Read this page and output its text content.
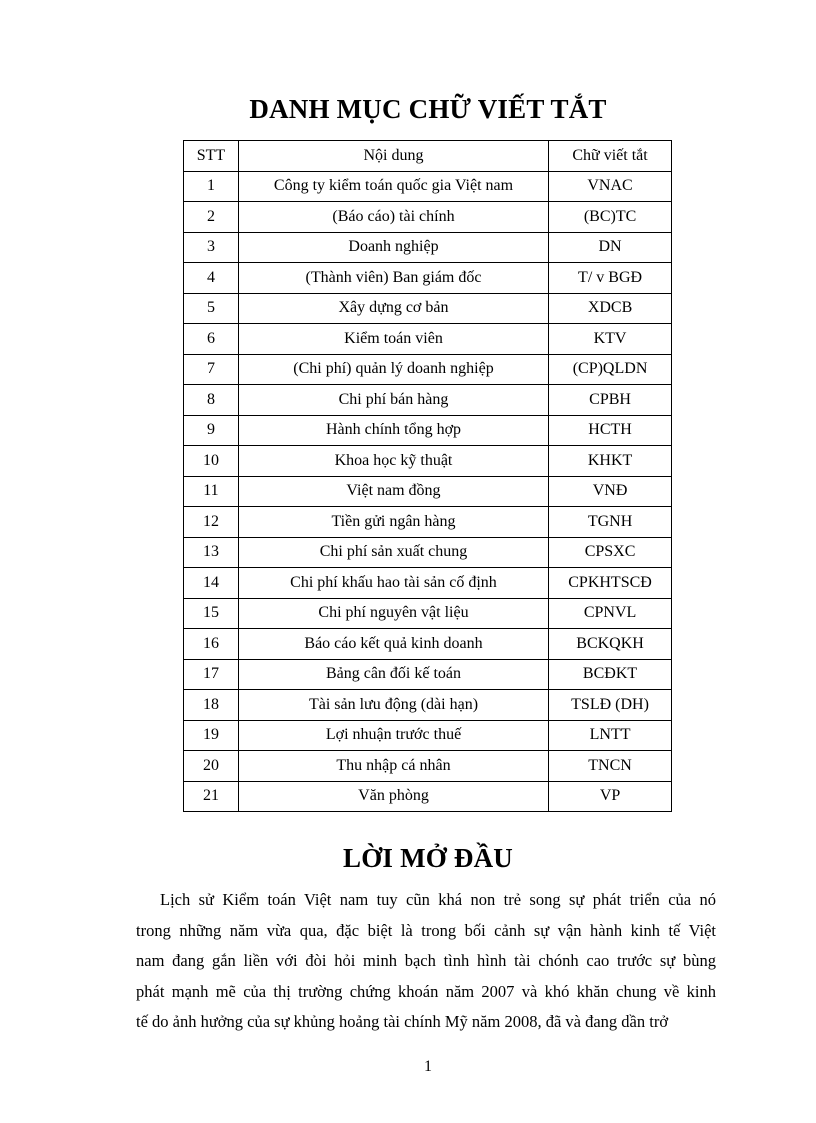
DANH MỤC CHỮ VIẾT TẮT
STT	Nội dung	Chữ viết tắt
1	Công ty kiểm toán quốc gia Việt nam	VNAC
2	(Báo cáo) tài chính	(BC)TC
3	Doanh nghiệp	DN
4	(Thành viên) Ban giám đốc	T/ v BGĐ
5	Xây dựng cơ bản	XDCB
6	Kiểm toán viên	KTV
7	(Chi phí) quản lý doanh nghiệp	(CP)QLDN
8	Chi phí bán hàng	CPBH
9	Hành chính tổng hợp	HCTH
10	Khoa học kỹ thuật	KHKT
11	Việt nam đồng	VNĐ
12	Tiền gửi ngân hàng	TGNH
13	Chi phí sản xuất chung	CPSXC
14	Chi phí khấu hao tài sản cố định	CPKHTSCĐ
15	Chi phí nguyên vật liệu	CPNVL
16	Báo cáo kết quả kinh doanh	BCKQKH
17	Bảng cân đối kế toán	BCĐKT
18	Tài sản lưu động (dài hạn)	TSLĐ (DH)
19	Lợi nhuận trước thuế	LNTT
20	Thu nhập cá nhân	TNCN
21	Văn phòng	VP
LỜI MỞ ĐẦU
Lịch sử Kiểm toán Việt nam tuy cũn khá non trẻ song sự phát triển của nó
trong những năm vừa qua, đặc biệt là trong bối cảnh sự vận hành kinh tế Việt
nam đang gắn liền với đòi hỏi minh bạch tình hình tài chónh cao trước sự bùng
phát mạnh mẽ của thị trường chứng khoán năm 2007 và khó khăn chung về kinh
tế do ảnh hưởng của sự khủng hoảng tài chính Mỹ năm 2008, đã và đang dần trở
1
